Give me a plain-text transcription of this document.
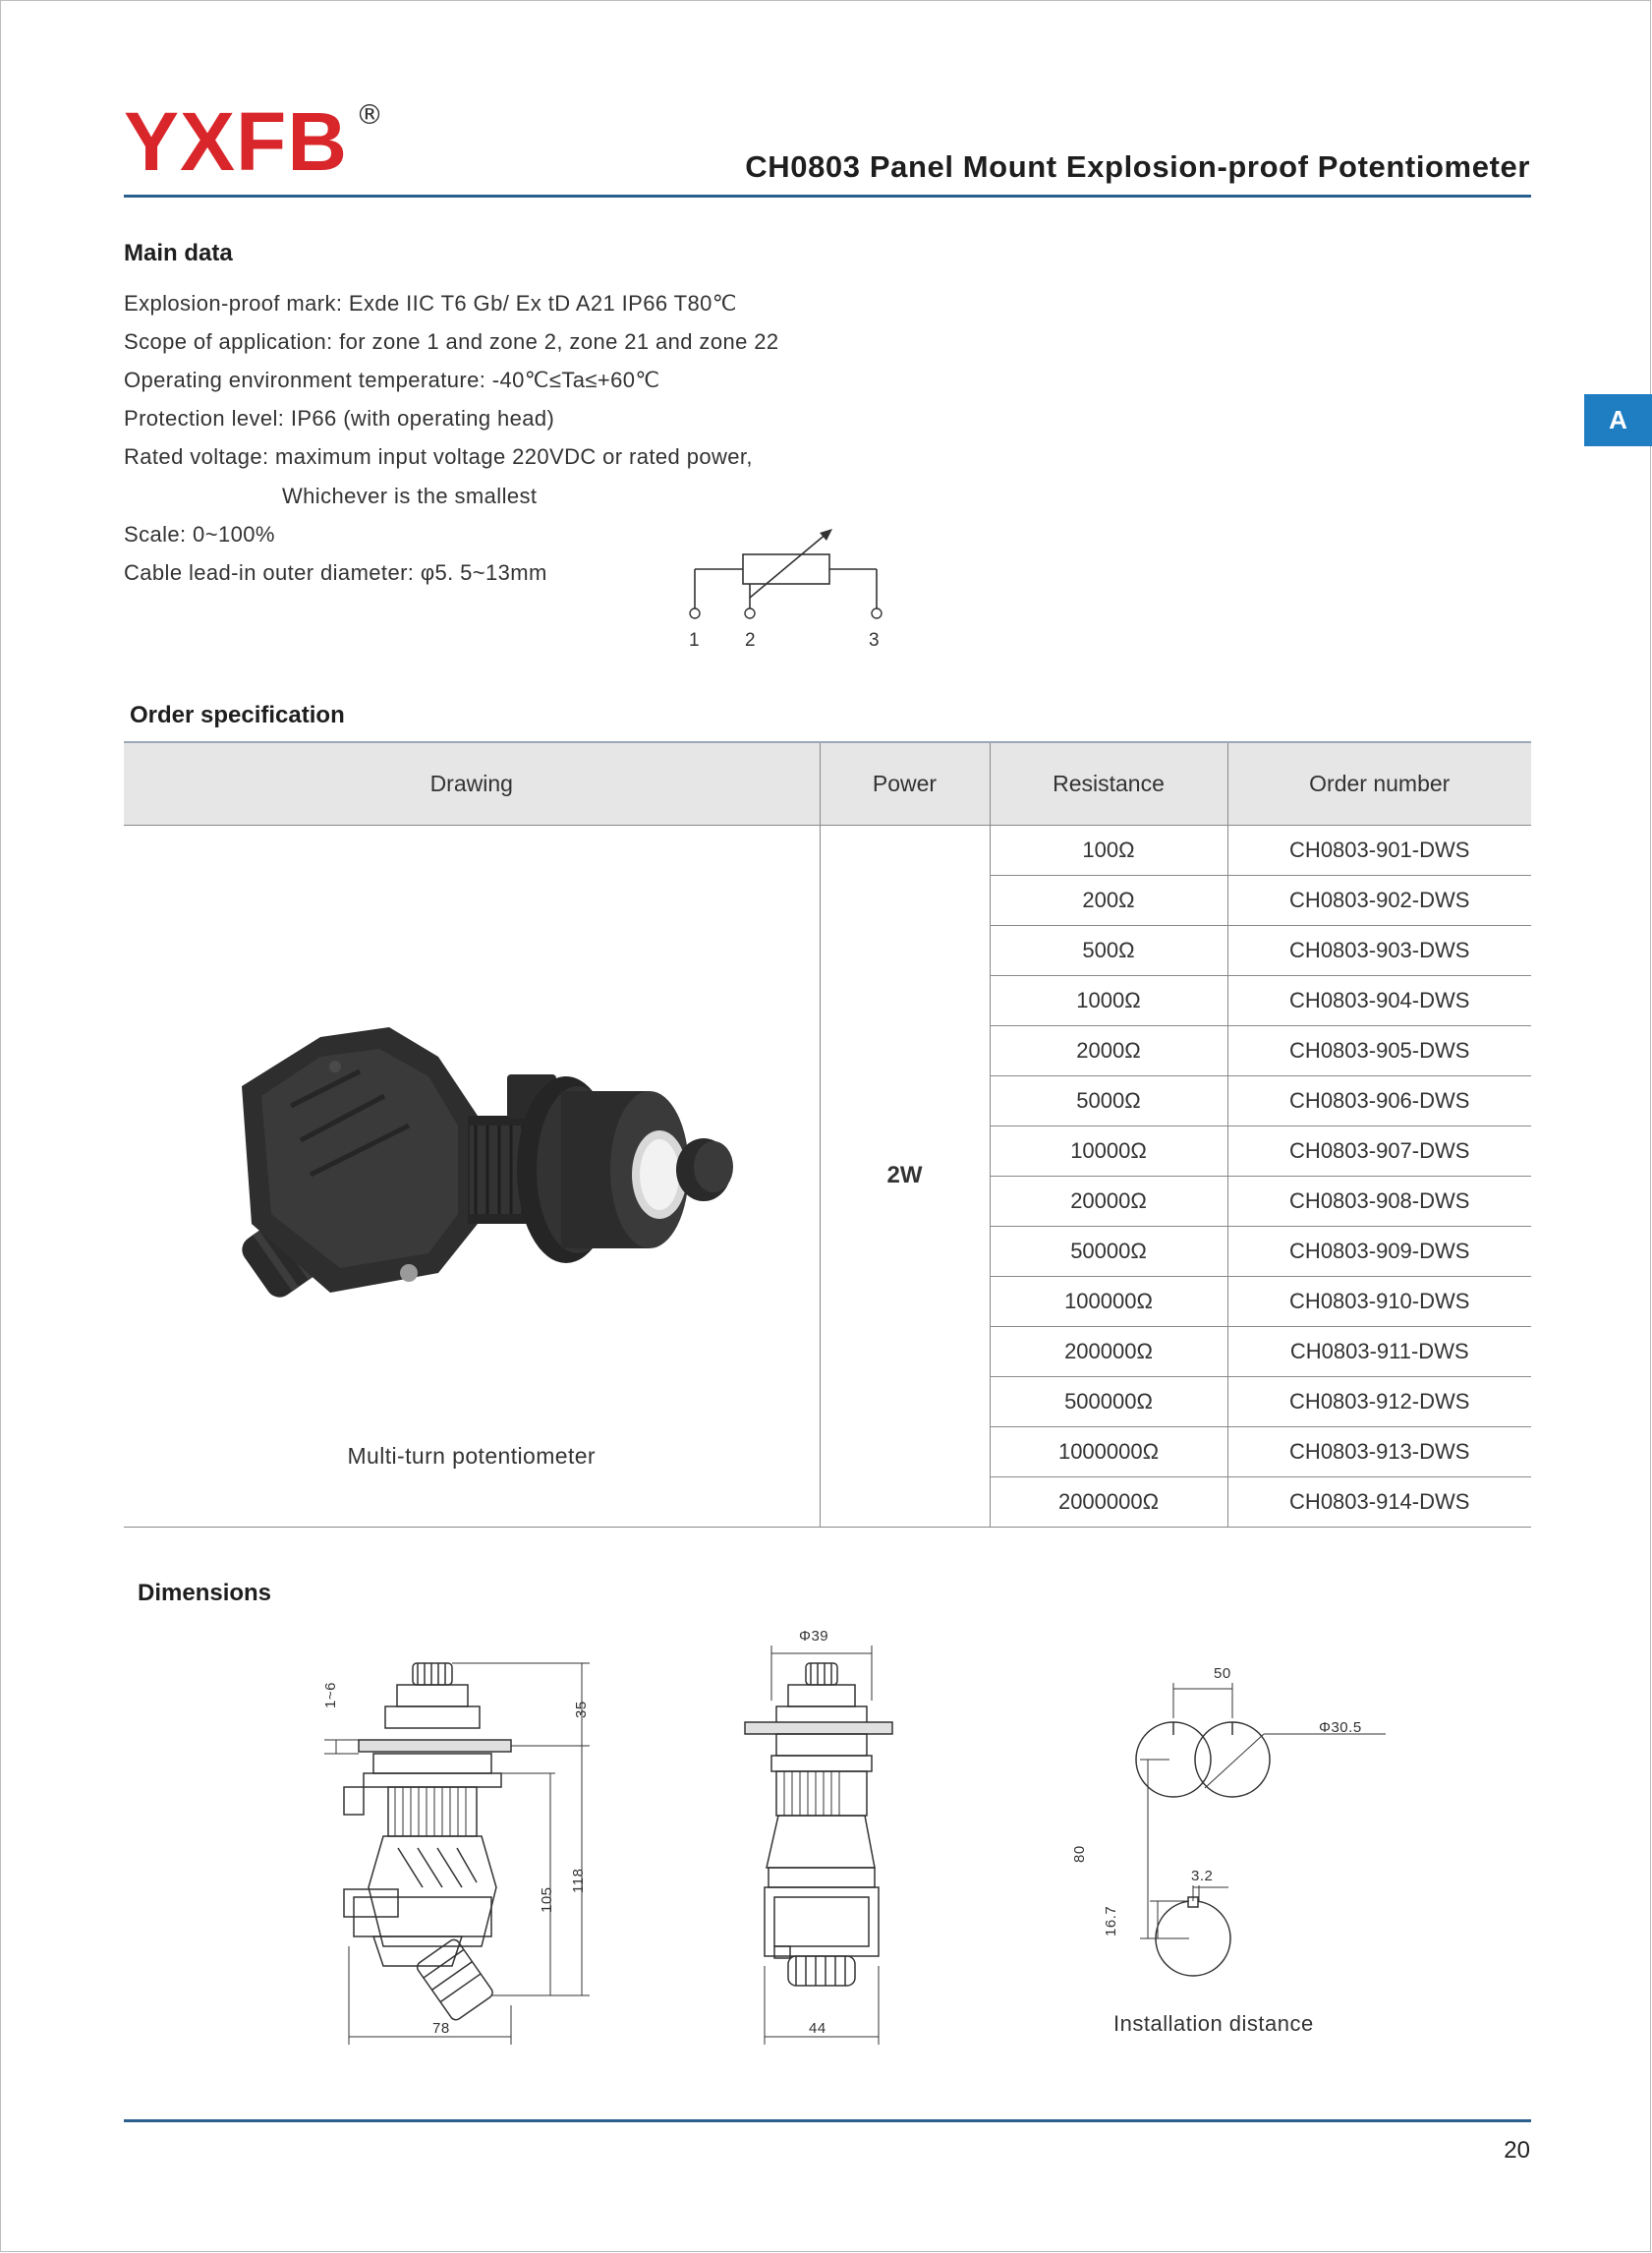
YXFB ®
CH0803 Panel Mount Explosion-proof Potentiometer
A
Main data
Explosion-proof mark: Exde IIC T6 Gb/ Ex tD A21 IP66 T80℃
Scope of application: for zone 1 and zone 2, zone 21 and zone 22
Operating environment temperature: -40℃≤Ta≤+60℃
Protection level: IP66 (with operating head)
Rated voltage: maximum input voltage 220VDC or rated power,
Whichever is the smallest
Scale: 0~100%
Cable lead-in outer diameter: φ5. 5~13mm
1 2	3
Order specification
Drawing	Power	Resistance	Order number

Multi-turn potentiometer	2W	100Ω	CH0803-901-DWS
		200Ω	CH0803-902-DWS
		500Ω	CH0803-903-DWS
		1000Ω	CH0803-904-DWS
		2000Ω	CH0803-905-DWS
		5000Ω	CH0803-906-DWS
		10000Ω	CH0803-907-DWS
		20000Ω	CH0803-908-DWS
		50000Ω	CH0803-909-DWS
		100000Ω	CH0803-910-DWS
		200000Ω	CH0803-911-DWS
		500000Ω	CH0803-912-DWS
		1000000Ω	CH0803-913-DWS
		2000000Ω	CH0803-914-DWS
Dimensions
1~6
35
105
118
78
Φ39
44
50
Φ30.5
80
3.2
16.7
Installation distance
20
